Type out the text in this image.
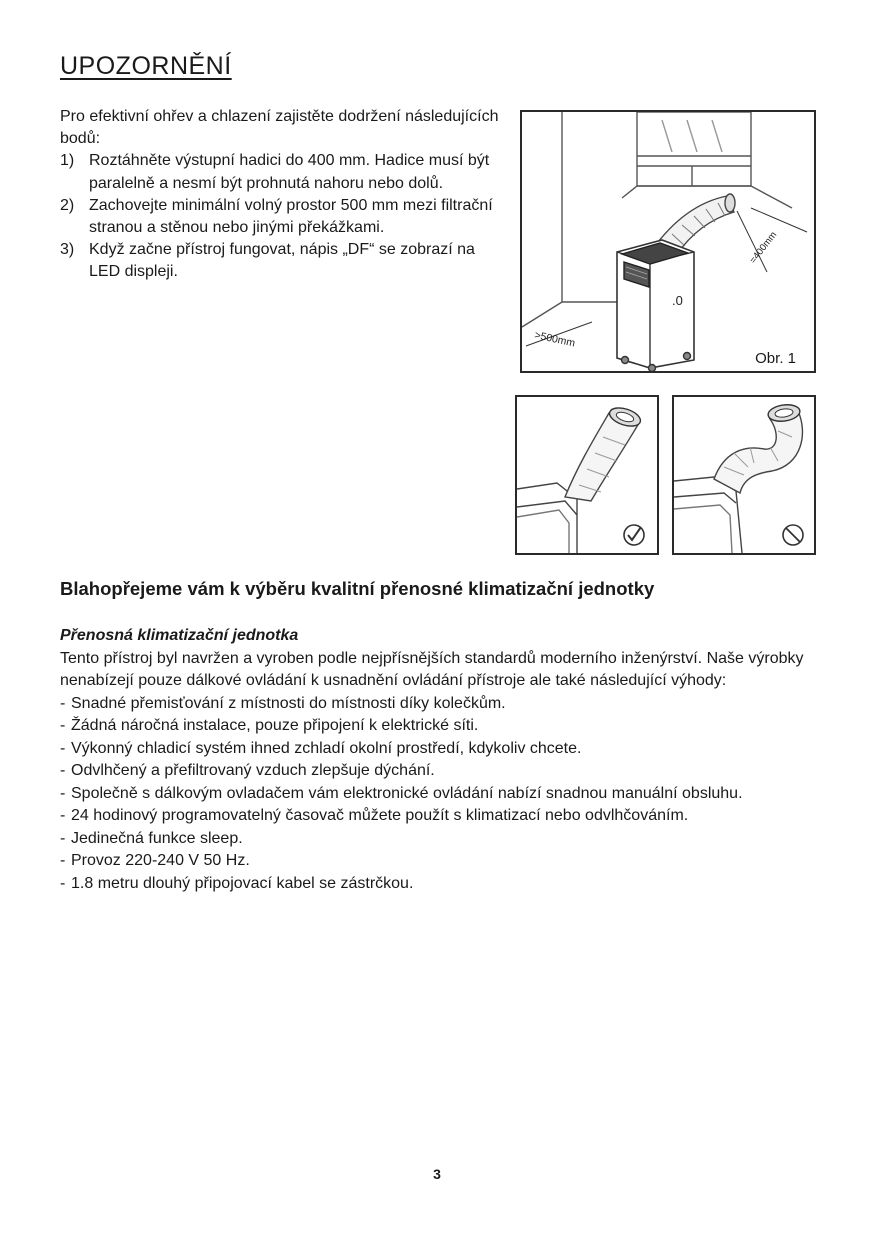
UPOZORNĚNÍ
Pro efektivní ohřev a chlazení zajistěte dodržení následujících bodů:
1) Roztáhněte výstupní hadici do 400 mm. Hadice musí být paralelně a nesmí být prohnutá nahoru nebo dolů.
2) Zachovejte minimální volný prostor 500 mm mezi filtrační stranou a stěnou nebo jinými překážkami.
3) Když začne přístroj fungovat, nápis „DF“ se zobrazí na LED displeji.
.0
=400mm
>500mm
Obr. 1
Blahopřejeme vám k výběru kvalitní přenosné klimatizační jednotky
Přenosná klimatizační jednotka
Tento přístroj byl navržen a vyroben podle nejpřísnějších standardů moderního inženýrství. Naše výrobky nenabízejí pouze dálkové ovládání k usnadnění ovládání přístroje ale také následující výhody:
- Snadné přemisťování z místnosti do místnosti díky kolečkům.
- Žádná náročná instalace, pouze připojení k elektrické síti.
- Výkonný chladicí systém ihned zchladí okolní prostředí, kdykoliv chcete.
- Odvlhčený a přefiltrovaný vzduch zlepšuje dýchání.
- Společně s dálkovým ovladačem vám elektronické ovládání nabízí snadnou manuální obsluhu.
- 24 hodinový programovatelný časovač můžete použít s klimatizací nebo odvlhčováním.
- Jedinečná funkce sleep.
- Provoz 220-240 V 50 Hz.
- 1.8 metru dlouhý připojovací kabel se zástrčkou.
3
